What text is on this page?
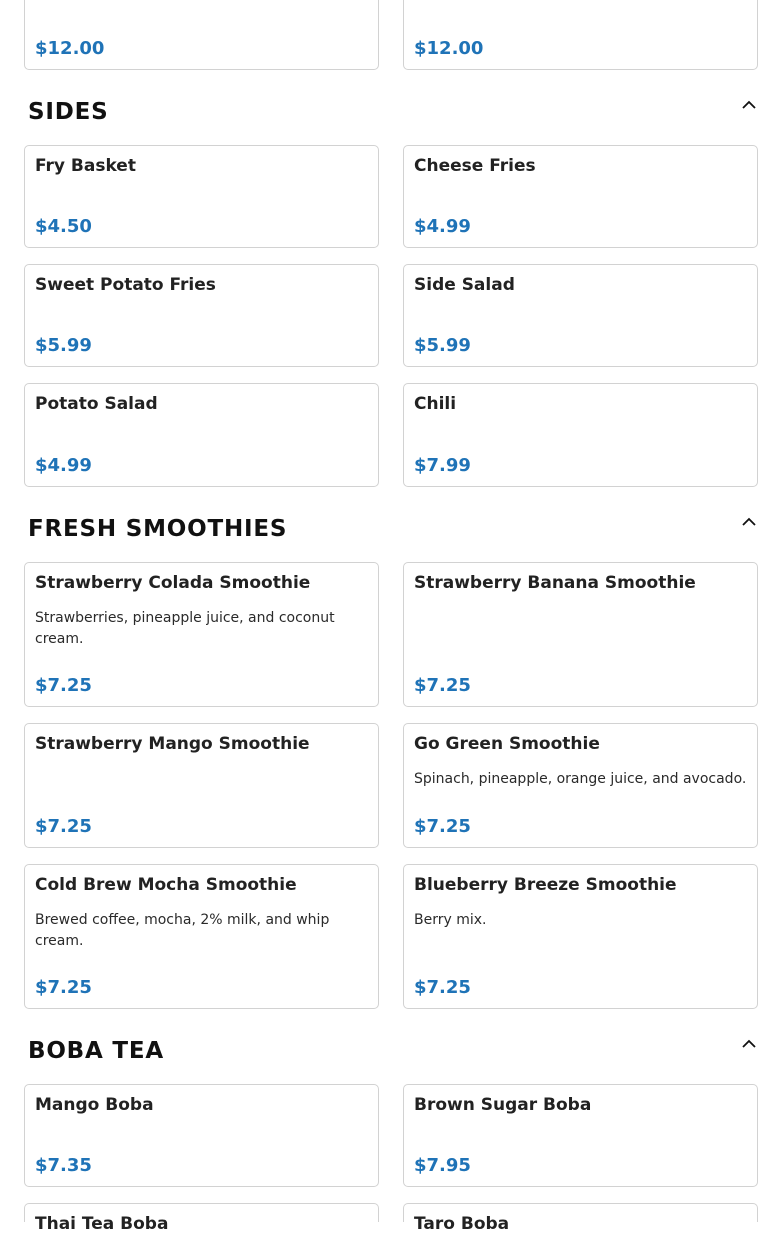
$12.00	$12.00
SIDES
Fry Basket
$4.50
Cheese Fries
$4.99
Sweet Potato Fries
$5.99
Side Salad
$5.99
Potato Salad
$4.99
Chili
$7.99
FRESH SMOOTHIES
Strawberry Colada Smoothie
Strawberries, pineapple juice, and coconut cream.
$7.25
Strawberry Banana Smoothie
$7.25
Strawberry Mango Smoothie
$7.25
Go Green Smoothie
Spinach, pineapple, orange juice, and avocado.
$7.25
Cold Brew Mocha Smoothie
Brewed coffee, mocha, 2% milk, and whip cream.
$7.25
Blueberry Breeze Smoothie
Berry mix.
$7.25
BOBA TEA
Mango Boba
$7.35
Brown Sugar Boba
$7.95
Thai Tea Boba	Taro Boba
